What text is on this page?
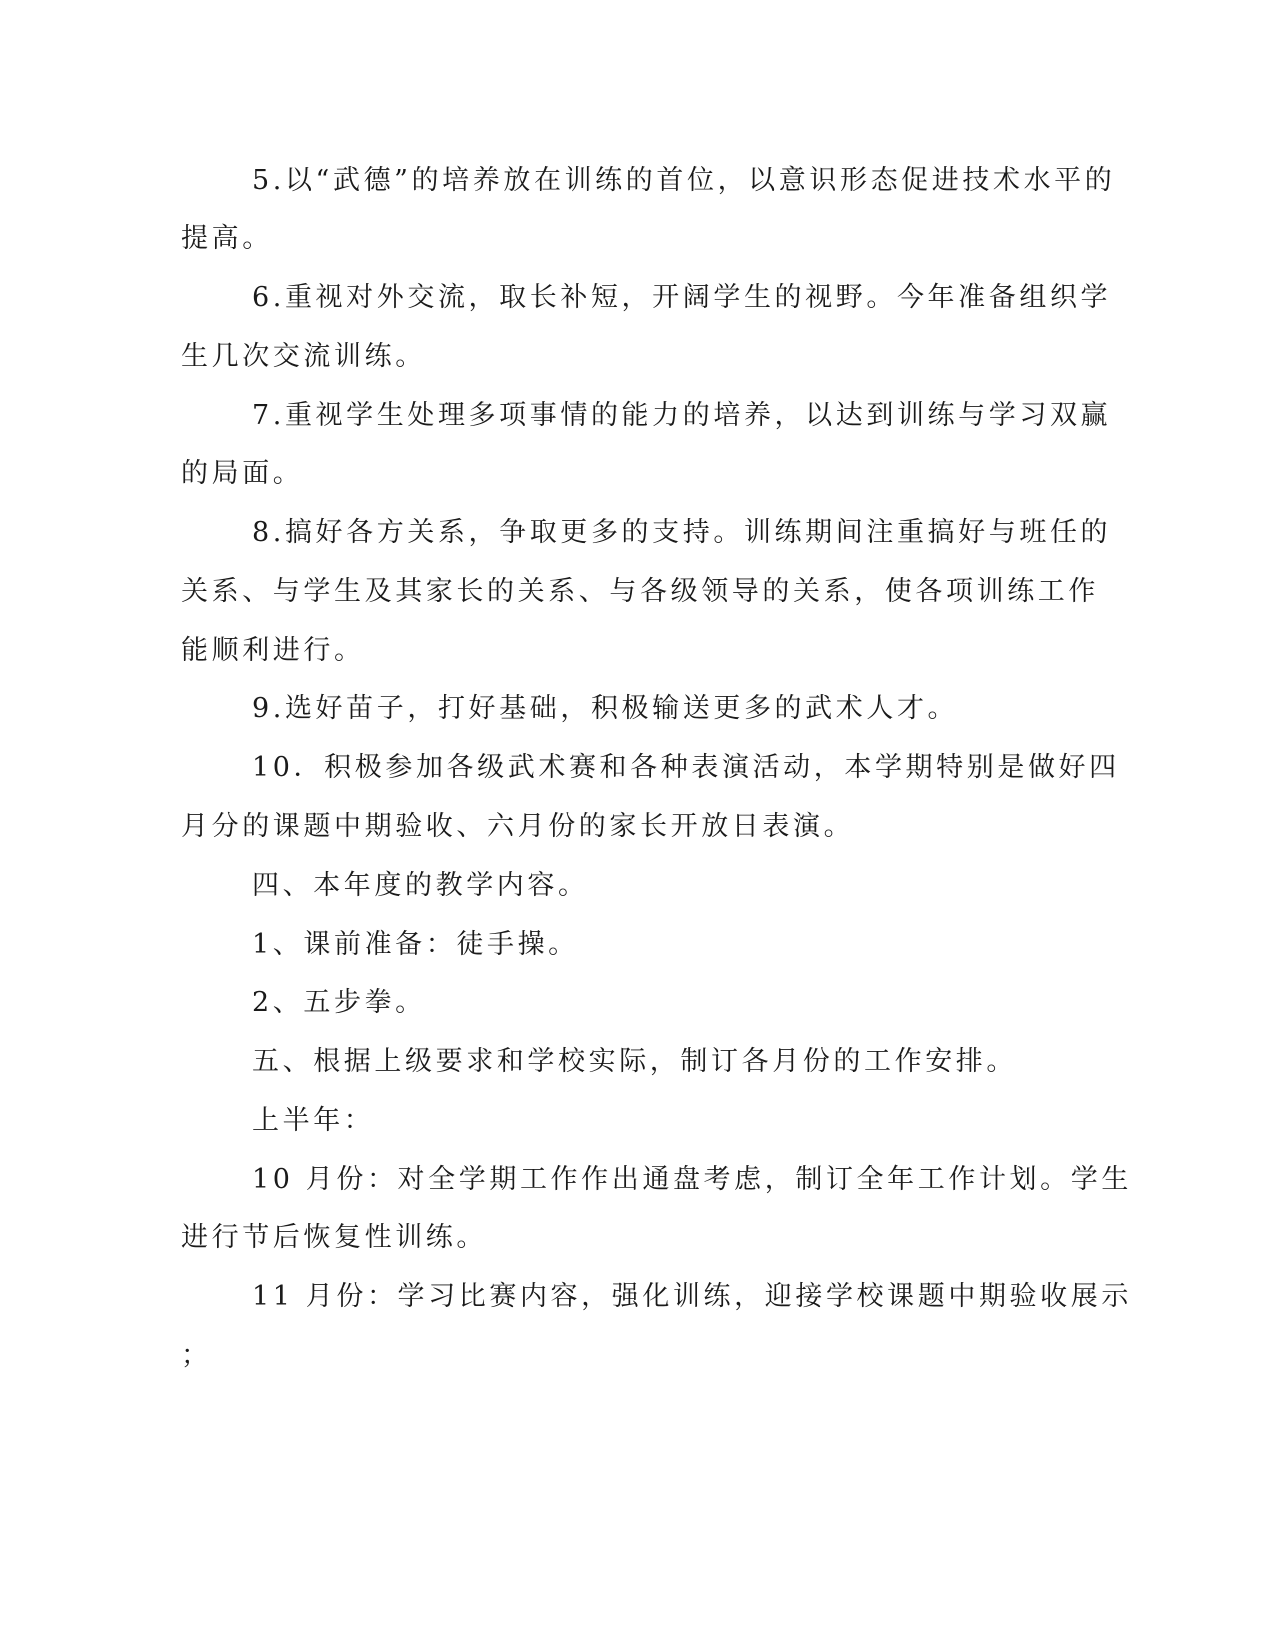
5.以“武德”的培养放在训练的首位，以意识形态促进技术水平的

提高。

6.重视对外交流，取长补短，开阔学生的视野。今年准备组织学

生几次交流训练。

7.重视学生处理多项事情的能力的培养，以达到训练与学习双赢

的局面。

8.搞好各方关系，争取更多的支持。训练期间注重搞好与班任的

关系、与学生及其家长的关系、与各级领导的关系，使各项训练工作

能顺利进行。

9.选好苗子，打好基础，积极输送更多的武术人才。

10．积极参加各级武术赛和各种表演活动，本学期特别是做好四

月分的课题中期验收、六月份的家长开放日表演。

四、本年度的教学内容。

1、课前准备：徒手操。

2、五步拳。

五、根据上级要求和学校实际，制订各月份的工作安排。

上半年：

10 月份：对全学期工作作出通盘考虑，制订全年工作计划。学生

进行节后恢复性训练。

11 月份：学习比赛内容，强化训练，迎接学校课题中期验收展示

；
